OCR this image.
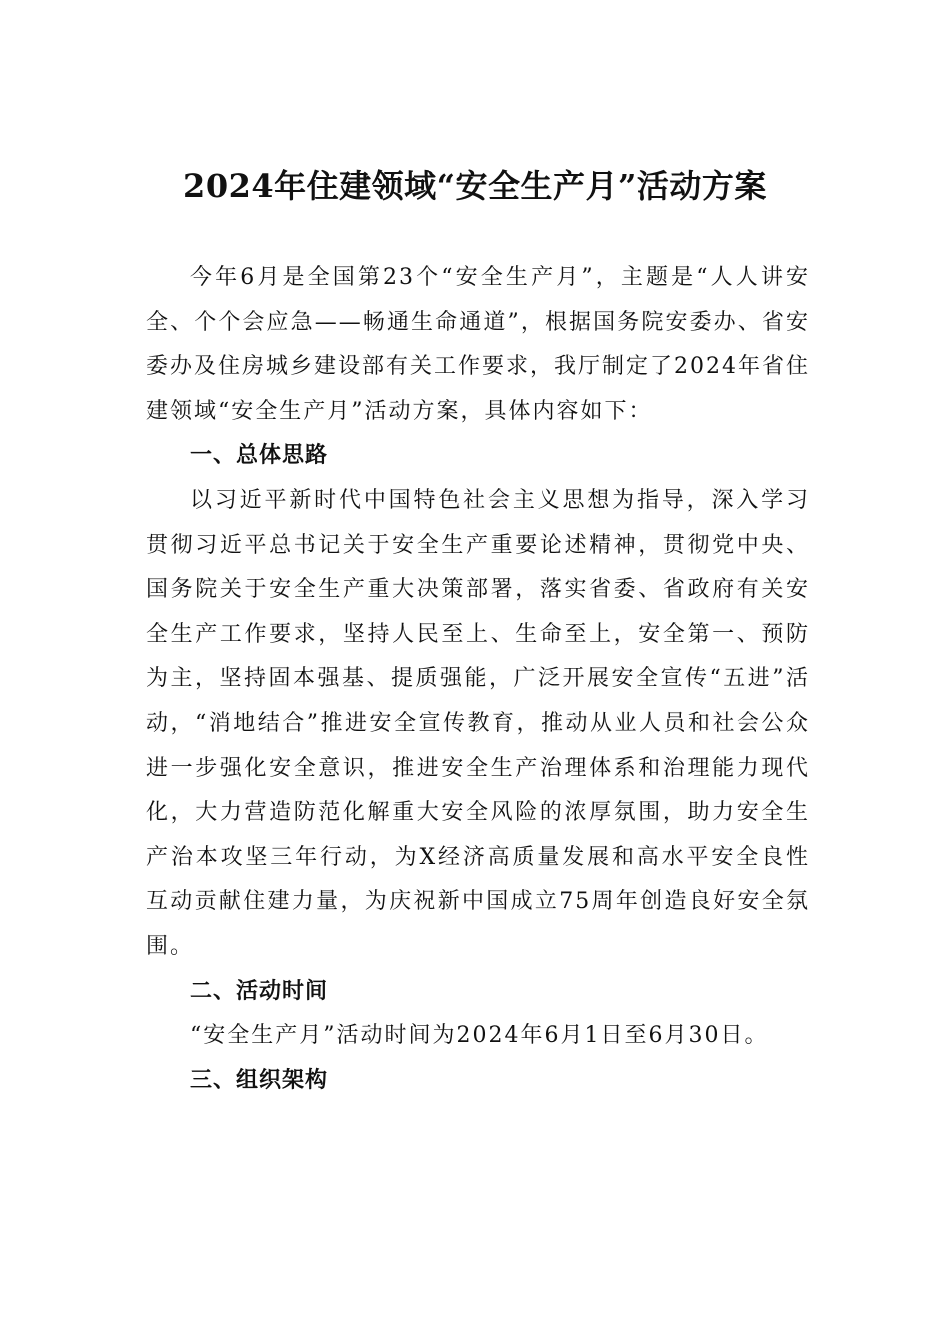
2024年住建领域“安全生产月”活动方案

今年6月是全国第23个“安全生产月”，主题是“人人讲安全、个个会应急——畅通生命通道”，根据国务院安委办、省安委办及住房城乡建设部有关工作要求，我厅制定了2024年省住建领域“安全生产月”活动方案，具体内容如下：

一、总体思路

以习近平新时代中国特色社会主义思想为指导，深入学习贯彻习近平总书记关于安全生产重要论述精神，贯彻党中央、国务院关于安全生产重大决策部署，落实省委、省政府有关安全生产工作要求，坚持人民至上、生命至上，安全第一、预防为主，坚持固本强基、提质强能，广泛开展安全宣传“五进”活动，“消地结合”推进安全宣传教育，推动从业人员和社会公众进一步强化安全意识，推进安全生产治理体系和治理能力现代化，大力营造防范化解重大安全风险的浓厚氛围，助力安全生产治本攻坚三年行动，为X经济高质量发展和高水平安全良性互动贡献住建力量，为庆祝新中国成立75周年创造良好安全氛围。

二、活动时间

“安全生产月”活动时间为2024年6月1日至6月30日。

三、组织架构
